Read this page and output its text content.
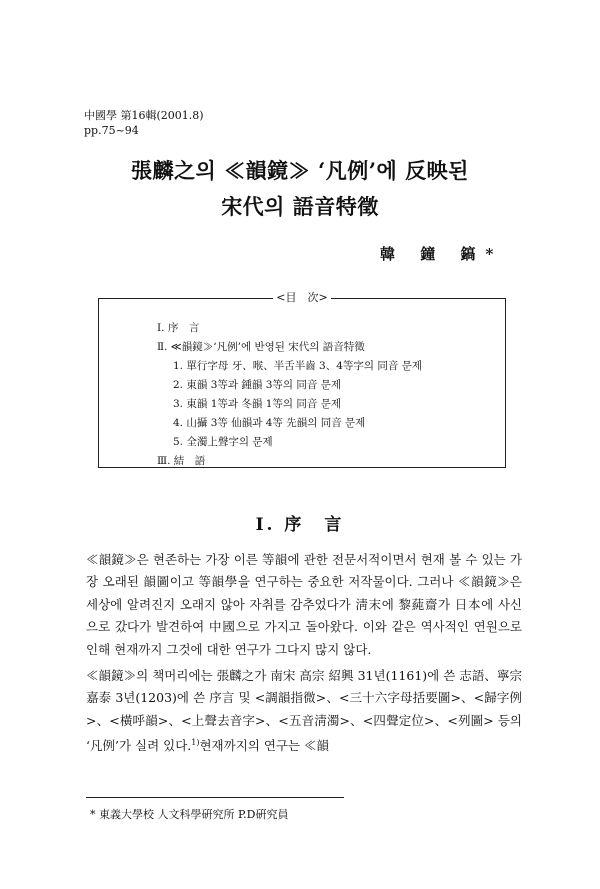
中國學 第16輯(2001.8)
pp.75~94
張麟之의 ≪韻鏡≫ ‘凡例’에 反映된
宋代의 語音特徵
韓 鐘 鎬*
<目　次>
Ⅰ. 序　言
Ⅱ. ≪韻鏡≫‘凡例’에 반영된 宋代의 語音特徵
1. 單行字母 牙、喉、半舌半齒 3、4等字의 同音 문제
2. 東韻 3等과 鍾韻 3等의 同音 문제
3. 東韻 1等과 冬韻 1等의 同音 문제
4. 山攝 3等 仙韻과 4等 先韻의 同音 문제
5. 全濁上聲字의 문제
Ⅲ. 結　語
Ⅰ. 序　言

≪韻鏡≫은 현존하는 가장 이른 等韻에 관한 전문서적이면서 현재 볼 수 있는 가장 오래된 韻圖이고 等韻學을 연구하는 중요한 저작물이다. 그러나 ≪韻鏡≫은 세상에 알려진지 오래지 않아 자취를 감추었다가 淸末에 黎蒓齋가 日本에 사신으로 갔다가 발견하여 中國으로 가지고 돌아왔다. 이와 같은 역사적인 연원으로 인해 현재까지 그것에 대한 연구가 그다지 많지 않다.

≪韻鏡≫의 책머리에는 張麟之가 南宋 高宗 紹興 31년(1161)에 쓴 志語、寧宗 嘉泰 3년(1203)에 쓴 序言 및 <調韻指微>、<三十六字母括要圖>、<歸字例>、<橫呼韻>、<上聲去音字>、<五音淸濁>、<四聲定位>、<列圖> 등의 ‘凡例’가 실려 있다.$^{1)}$현재까지의 연구는 ≪韻

* 東義大學校 人文科學硏究所 P.D硏究員
